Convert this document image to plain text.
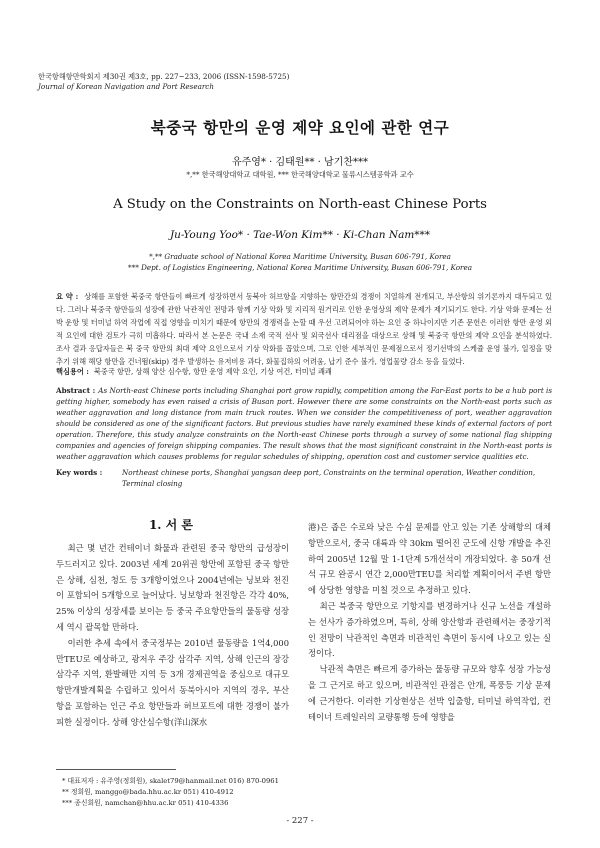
한국항해항만학회지 제30권 제3호, pp. 227~233, 2006 (ISSN-1598-5725)
Journal of Korean Navigation and Port Research
북중국 항만의 운영 제약 요인에 관한 연구
유주영* · 김태원** · 남기찬***
*,** 한국해양대학교 대학원, *** 한국해양대학교 물류시스템공학과 교수
A Study on the Constraints on North-east Chinese Ports
Ju-Young Yoo* · Tae-Won Kim** · Ki-Chan Nam***
*,** Graduate school of National Korea Maritime University, Busan 606-791, Korea
*** Dept. of Logistics Engineering, National Korea Maritime University, Busan 606-791, Korea
요 약 : 상해를 포함한 북중국 항만들이 빠르게 성장하면서 동북아 허브항을 지향하는 항만간의 경쟁이 치열하게 전개되고, 부산항의 위기론까지 대두되고 있다. 그러나 북중국 항만들의 성장에 관한 낙관적인 전망과 함께 기상 악화 및 지리적 원거리로 인한 운영상의 제약 문제가 제기되기도 한다. 기상 악화 문제는 선박 운항 및 터미널 하역 작업에 직접 영향을 미치기 때문에 항만의 경쟁력을 논할 때 우선 고려되어야 하는 요인 중 하나이지만 기존 문헌은 이러한 항만 운영 외적 요인에 대한 검토가 극히 미흡하다. 따라서 본 논문은 국내 소재 국적 선사 및 외국선사 대리점을 대상으로 상해 및 북중국 항만의 제약 요인을 분석하였다. 조사 결과 응답자들은 북 중국 항만의 최대 제약 요인으로서 기상 악화를 꼽았으며, 그로 인한 세부적인 문제점으로서 정기선박의 스케쥴 운영 불가, 일정을 맞추기 위해 해당 항만을 건너뜀(skip) 경우 발생하는 유저비용 과다, 화물집하의 어려움, 납기 준수 불가, 영업물량 감소 등을 들었다.
핵심용어 : 북중국 항만, 상해 양산 심수항, 항만 운영 제약 요인, 기상 여건, 터미널 쾌쾌
Abstract : As North-east Chinese ports including Shanghai port grow rapidly, competition among the Far-East ports to be a hub port is getting higher, somebody has even raised a crisis of Busan port. However there are some constraints on the North-east ports such as weather aggravation and long distance from main truck routes. When we consider the competitiveness of port, weather aggravation should be considered as one of the significant factors. But previous studies have rarely examined these kinds of external factors of port operation. Therefore, this study analyze constraints on the North-east Chinese ports through a survey of some national flag shipping companies and agencies of foreign shipping companies. The result shows that the most significant constraint in the North-east ports is weather aggravation which causes problems for regular schedules of shipping, operation cost and customer service qualities etc.
Key words :	Northeast chinese ports, Shanghai yangsan deep port, Constraints on the terminal operation, Weather condition, Terminal closing
1. 서 론

최근 몇 년간 컨테이너 화물과 관련된 중국 항만의 급성장이 두드러지고 있다. 2003년 세계 20위권 항만에 포함된 중국 항만은 상해, 심천, 청도 등 3개항이었으나 2004년에는 닝보와 천진이 포함되어 5개항으로 늘어났다. 닝보항과 천진항은 각각 40%, 25% 이상의 성장세를 보이는 등 중국 주요항만들의 물동량 성장세 역시 괄목할 만하다.

이러한 추세 속에서 중국정부는 2010년 물동량을 1억4,000만TEU로 예상하고, 광저우 주강 삼각주 지역, 상해 인근의 장강 삼각주 지역, 환발해만 지역 등 3개 경제권역을 중심으로 대규모 항만개발계획을 수립하고 있어서 동북아시아 지역의 경우, 부산항을 포함하는 인근 주요 항만들과 허브포트에 대한 경쟁이 불가피한 실정이다. 상해 양산심수항(洋山深水

港)은 좁은 수로와 낮은 수심 문제를 안고 있는 기존 상해항의 대체 항만으로서, 중국 대륙과 약 30km 떨어진 군도에 신항 개발을 추진하여 2005년 12월 말 1-1단계 5개선석이 개장되었다. 총 50개 선석 규모 완공시 연간 2,000만TEU를 처리할 계획이어서 주변 항만에 상당한 영향을 미칠 것으로 추정하고 있다.

최근 북중국 항만으로 기항지를 변경하거나 신규 노선을 개설하는 선사가 증가하였으며, 특히, 상해 양산항과 관련해서는 중장기적인 전망이 낙관적인 측면과 비관적인 측면이 동시에 나오고 있는 실정이다.

낙관적 측면은 빠르게 증가하는 물동량 규모와 향후 성장 가능성을 그 근거로 하고 있으며, 비관적인 관점은 안개, 폭풍등 기상 문제에 근거한다. 이러한 기상현상은 선박 입출항, 터미널 하역작업, 컨테이너 트레일러의 교량통행 등에 영향을

* 대표저자 : 유주영(정회원), skalet79@hanmail.net 016) 870-0961
** 정회원, manggo@bada.hhu.ac.kr 051) 410-4912
*** 종신회원, namchan@hhu.ac.kr 051) 410-4336
- 227 -
